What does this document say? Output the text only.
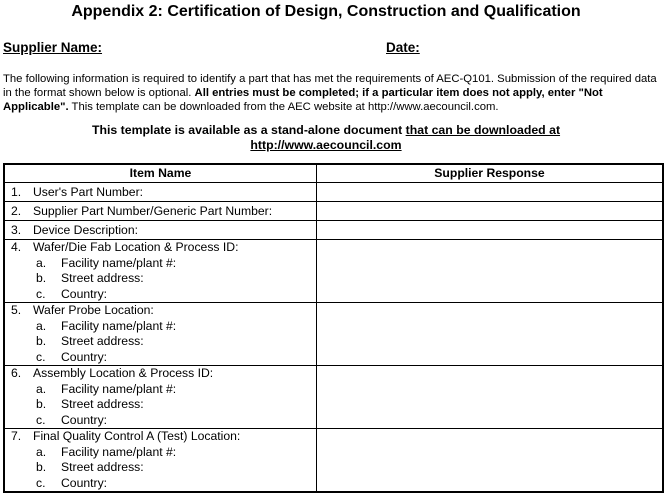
Appendix 2: Certification of Design, Construction and Qualification
Supplier Name:	Date:
The following information is required to identify a part that has met the requirements of AEC-Q101. Submission of the required data in the format shown below is optional. All entries must be completed; if a particular item does not apply, enter "Not Applicable". This template can be downloaded from the AEC website at http://www.aecouncil.com.
This template is available as a stand-alone document that can be downloaded at
http://www.aecouncil.com
Item Name	Supplier Response

1. User's Part Number:	

2. Supplier Part Number/Generic Part Number:	

3. Device Description:	

4. Wafer/Die Fab Location & Process ID:
a. Facility name/plant #:
b. Street address:
c. Country:	

5. Wafer Probe Location:
a. Facility name/plant #:
b. Street address:
c. Country:	

6. Assembly Location & Process ID:
a. Facility name/plant #:
b. Street address:
c. Country:	

7. Final Quality Control A (Test) Location:
a. Facility name/plant #:
b. Street address:
c. Country:	
